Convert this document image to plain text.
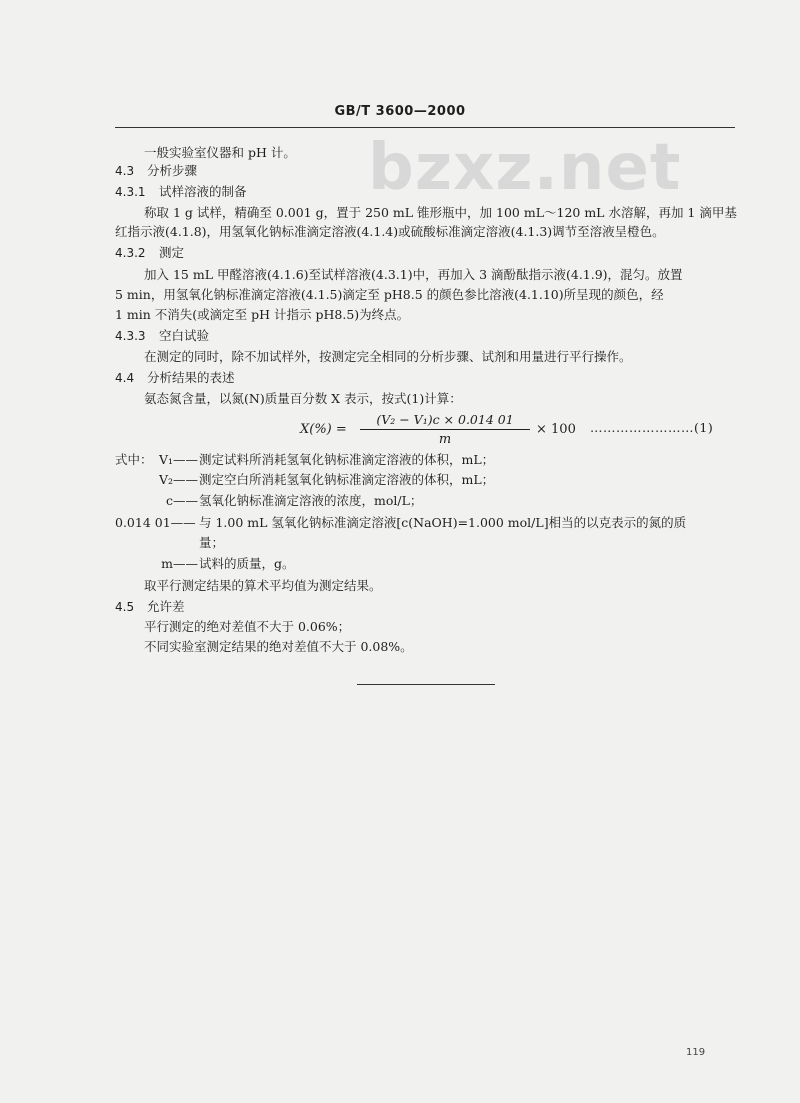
GB/T 3600—2000
bzxz.net
一般实验室仪器和 pH 计。
4.3 分析步骤
4.3.1 试样溶液的制备
称取 1 g 试样，精确至 0.001 g，置于 250 mL 锥形瓶中，加 100 mL～120 mL 水溶解，再加 1 滴甲基
红指示液(4.1.8)，用氢氧化钠标准滴定溶液(4.1.4)或硫酸标准滴定溶液(4.1.3)调节至溶液呈橙色。
4.3.2 测定
加入 15 mL 甲醛溶液(4.1.6)至试样溶液(4.3.1)中，再加入 3 滴酚酞指示液(4.1.9)，混匀。放置
5 min，用氢氧化钠标准滴定溶液(4.1.5)滴定至 pH8.5 的颜色参比溶液(4.1.10)所呈现的颜色，经
1 min 不消失(或滴定至 pH 计指示 pH8.5)为终点。
4.3.3 空白试验
在测定的同时，除不加试样外，按测定完全相同的分析步骤、试剂和用量进行平行操作。
4.4 分析结果的表述
氨态氮含量，以氮(N)质量百分数 X 表示，按式(1)计算：
X(%) =
(V₂ − V₁)c × 0.014 01
m
× 100 ……………………(1)
式中： V₁—— 测定试料所消耗氢氧化钠标准滴定溶液的体积，mL；
V₂—— 测定空白所消耗氢氧化钠标准滴定溶液的体积，mL；
c—— 氢氧化钠标准滴定溶液的浓度，mol/L；
0.014 01—— 与 1.00 mL 氢氧化钠标准滴定溶液[c(NaOH)=1.000 mol/L]相当的以克表示的氮的质
量；
m—— 试料的质量，g。
取平行测定结果的算术平均值为测定结果。
4.5 允许差
平行测定的绝对差值不大于 0.06%；
不同实验室测定结果的绝对差值不大于 0.08%。
119
